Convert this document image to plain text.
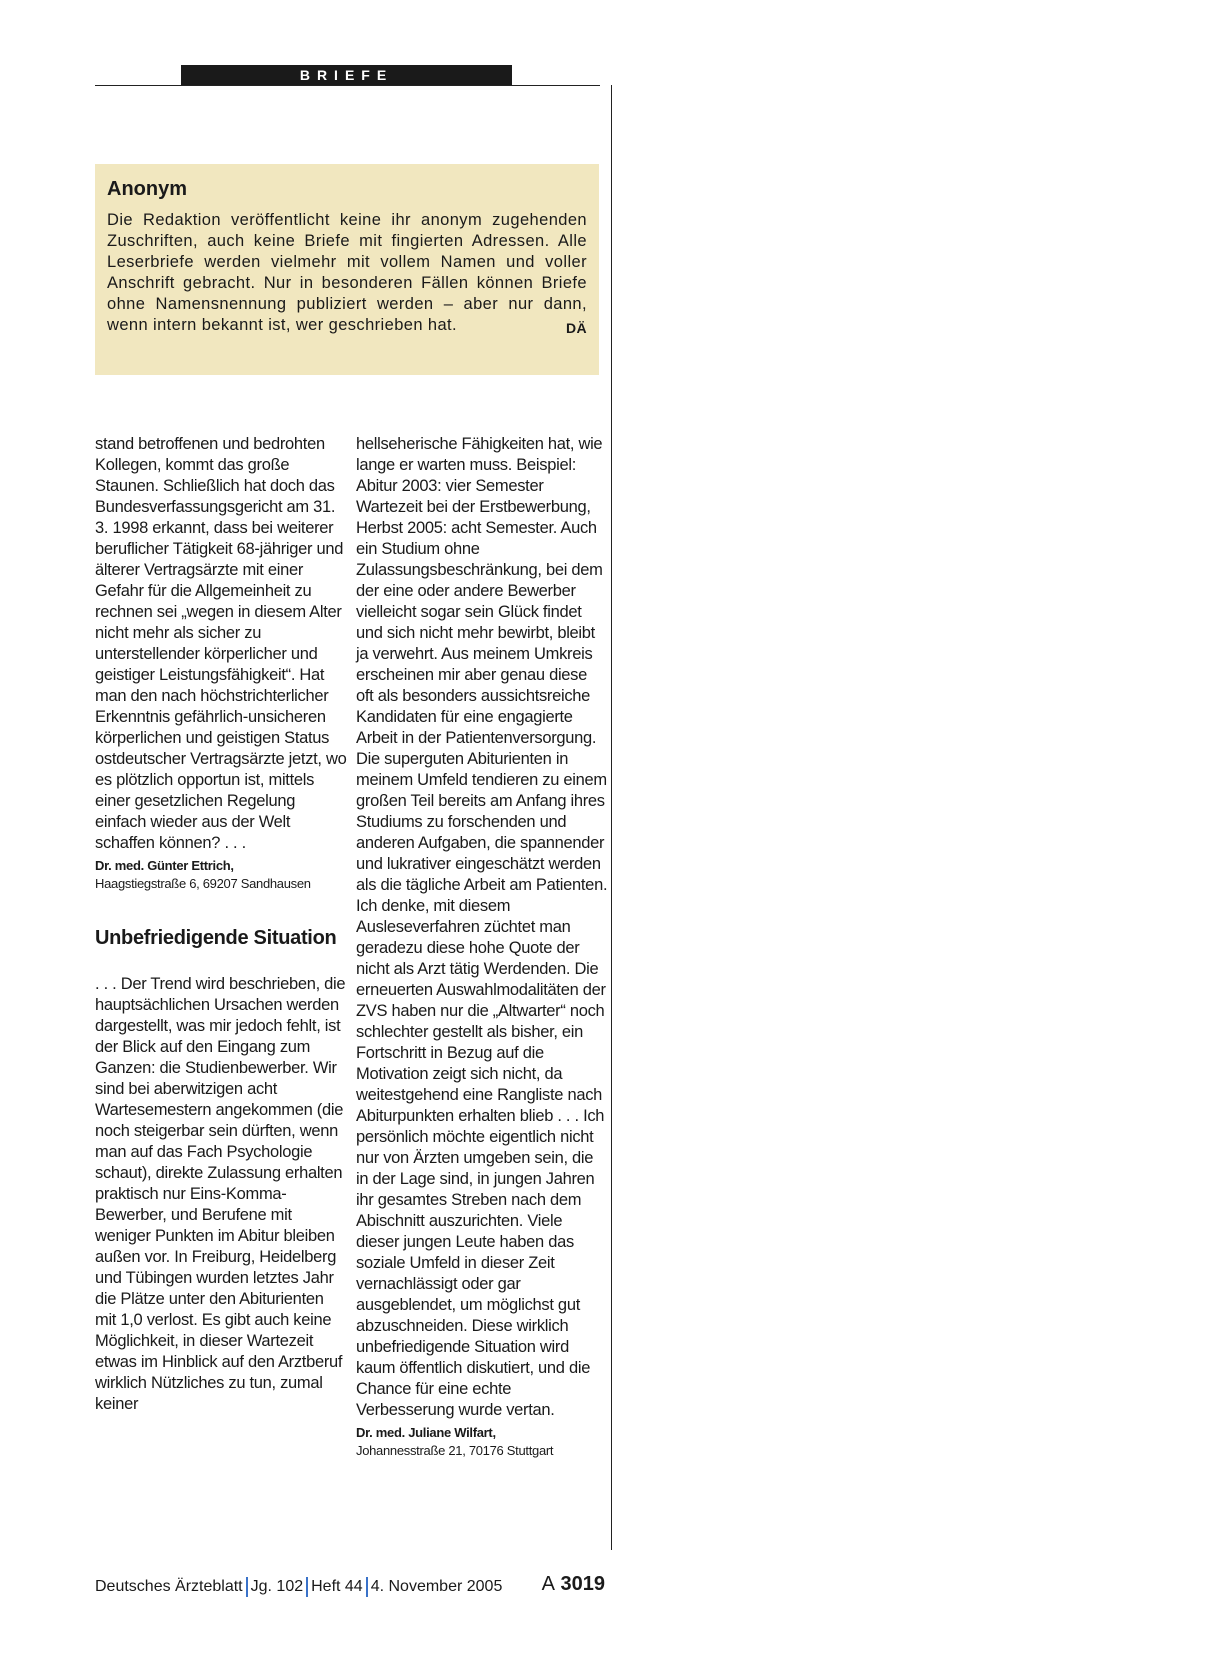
BRIEFE
Anonym

Die Redaktion veröffentlicht keine ihr anonym zugehenden Zuschriften, auch keine Briefe mit fingierten Adressen. Alle Leserbriefe werden vielmehr mit vollem Namen und voller Anschrift gebracht. Nur in besonderen Fällen können Briefe ohne Namensnennung publiziert werden – aber nur dann, wenn intern bekannt ist, wer geschrieben hat.	DÄ

stand betroffenen und bedrohten Kollegen, kommt das große Staunen. Schließlich hat doch das Bundesverfassungsgericht am 31. 3. 1998 erkannt, dass bei weiterer beruflicher Tätigkeit 68-jähriger und älterer Vertragsärzte mit einer Gefahr für die Allgemeinheit zu rechnen sei „wegen in diesem Alter nicht mehr als sicher zu unterstellender körperlicher und geistiger Leistungsfähigkeit“. Hat man den nach höchstrichterlicher Erkenntnis gefährlich-unsicheren körperlichen und geistigen Status ostdeutscher Vertragsärzte jetzt, wo es plötzlich opportun ist, mittels einer gesetzlichen Regelung einfach wieder aus der Welt schaffen können? . . .

Dr. med. Günter Ettrich,
Haagstiegstraße 6, 69207 Sandhausen
Unbefriedigende Situation

. . . Der Trend wird beschrieben, die hauptsächlichen Ursachen werden dargestellt, was mir jedoch fehlt, ist der Blick auf den Eingang zum Ganzen: die Studienbewerber. Wir sind bei aberwitzigen acht Wartesemestern angekommen (die noch steigerbar sein dürften, wenn man auf das Fach Psychologie schaut), direkte Zulassung erhalten praktisch nur Eins-Komma-Bewerber, und Berufene mit weniger Punkten im Abitur bleiben außen vor. In Freiburg, Heidelberg und Tübingen wurden letztes Jahr die Plätze unter den Abiturienten mit 1,0 verlost. Es gibt auch keine Möglichkeit, in dieser Wartezeit etwas im Hinblick auf den Arztberuf wirklich Nützliches zu tun, zumal keiner

hellseherische Fähigkeiten hat, wie lange er warten muss. Beispiel: Abitur 2003: vier Semester Wartezeit bei der Erstbewerbung, Herbst 2005: acht Semester. Auch ein Studium ohne Zulassungsbeschränkung, bei dem der eine oder andere Bewerber vielleicht sogar sein Glück findet und sich nicht mehr bewirbt, bleibt ja verwehrt. Aus meinem Umkreis erscheinen mir aber genau diese oft als besonders aussichtsreiche Kandidaten für eine engagierte Arbeit in der Patientenversorgung. Die superguten Abiturienten in meinem Umfeld tendieren zu einem großen Teil bereits am Anfang ihres Studiums zu forschenden und anderen Aufgaben, die spannender und lukrativer eingeschätzt werden als die tägliche Arbeit am Patienten. Ich denke, mit diesem Ausleseverfahren züchtet man geradezu diese hohe Quote der nicht als Arzt tätig Werdenden. Die erneuerten Auswahlmodalitäten der ZVS haben nur die „Altwarter“ noch schlechter gestellt als bisher, ein Fortschritt in Bezug auf die Motivation zeigt sich nicht, da weitestgehend eine Rangliste nach Abiturpunkten erhalten blieb . . . Ich persönlich möchte eigentlich nicht nur von Ärzten umgeben sein, die in der Lage sind, in jungen Jahren ihr gesamtes Streben nach dem Abischnitt auszurichten. Viele dieser jungen Leute haben das soziale Umfeld in dieser Zeit vernachlässigt oder gar ausgeblendet, um möglichst gut abzuschneiden. Diese wirklich unbefriedigende Situation wird kaum öffentlich diskutiert, und die Chance für eine echte Verbesserung wurde vertan.

Dr. med. Juliane Wilfart,
Johannesstraße 21, 70176 Stuttgart
Deutsches Ärzteblatt Jg. 102 Heft 44 4. November 2005 A 3019
